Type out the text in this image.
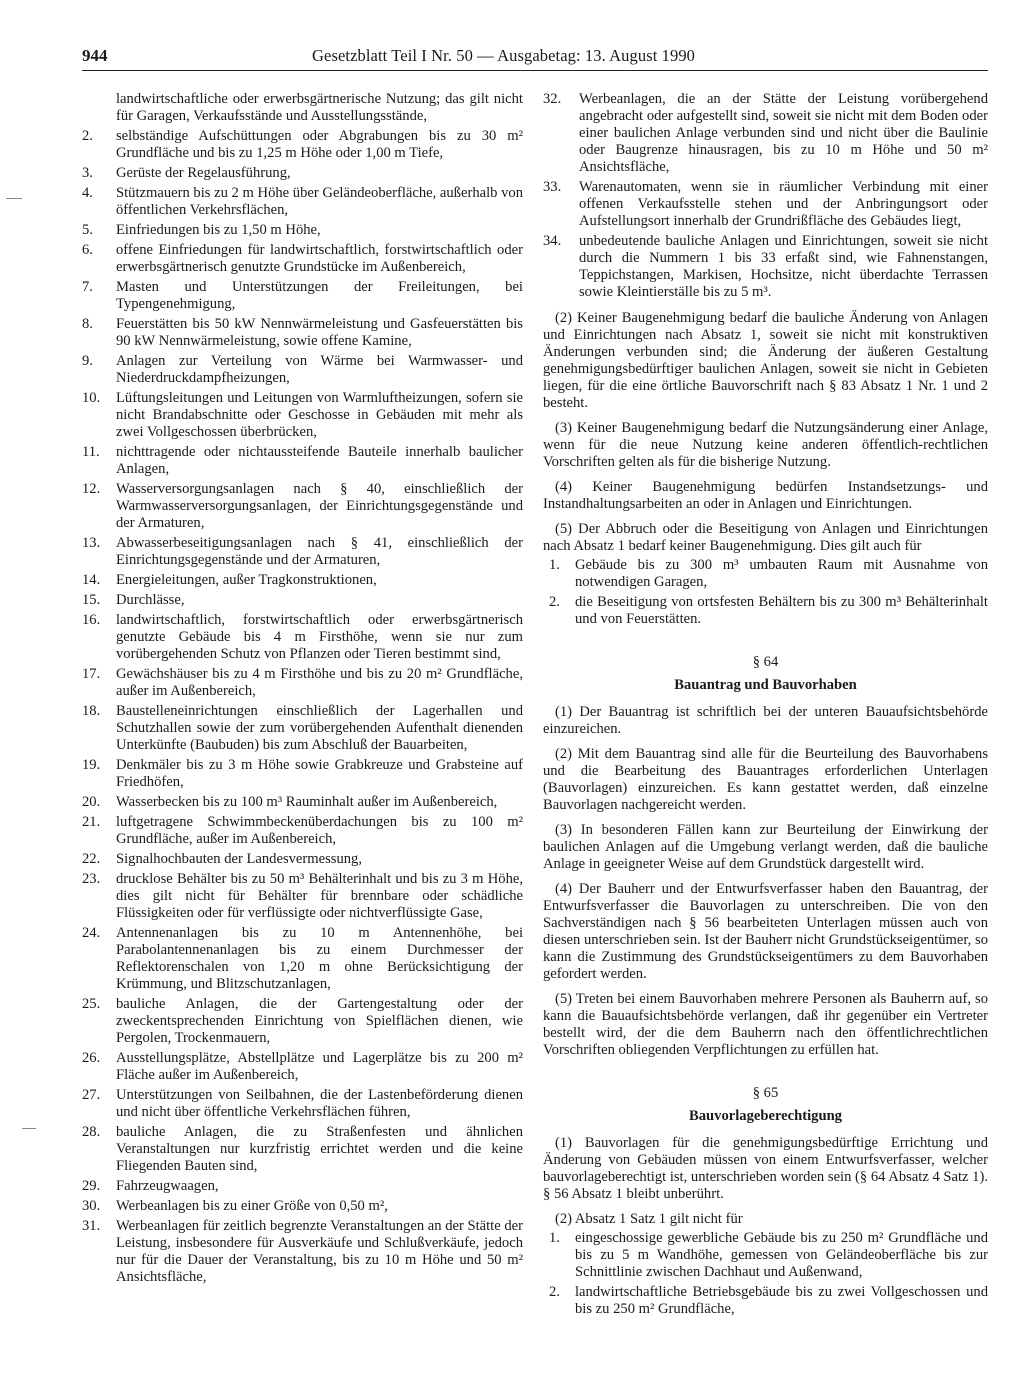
944	Gesetzblatt Teil I Nr. 50 — Ausgabetag: 13. August 1990
landwirtschaftliche oder erwerbsgärtnerische Nutzung; das gilt nicht für Garagen, Verkaufsstände und Ausstellungsstände,
2.	selbständige Aufschüttungen oder Abgrabungen bis zu 30 m² Grundfläche und bis zu 1,25 m Höhe oder 1,00 m Tiefe,
3.	Gerüste der Regelausführung,
4.	Stützmauern bis zu 2 m Höhe über Geländeoberfläche, außerhalb von öffentlichen Verkehrsflächen,
5.	Einfriedungen bis zu 1,50 m Höhe,
6.	offene Einfriedungen für landwirtschaftlich, forstwirtschaftlich oder erwerbsgärtnerisch genutzte Grundstücke im Außenbereich,
7.	Masten und Unterstützungen der Freileitungen, bei Typengenehmigung,
8.	Feuerstätten bis 50 kW Nennwärmeleistung und Gasfeuerstätten bis 90 kW Nennwärmeleistung, sowie offene Kamine,
9.	Anlagen zur Verteilung von Wärme bei Warmwasser- und Niederdruckdampfheizungen,
10.	Lüftungsleitungen und Leitungen von Warmluftheizungen, sofern sie nicht Brandabschnitte oder Geschosse in Gebäuden mit mehr als zwei Vollgeschossen überbrücken,
11.	nichttragende oder nichtaussteifende Bauteile innerhalb baulicher Anlagen,
12.	Wasserversorgungsanlagen nach § 40, einschließlich der Warmwasserversorgungsanlagen, der Einrichtungsgegenstände und der Armaturen,
13.	Abwasserbeseitigungsanlagen nach § 41, einschließlich der Einrichtungsgegenstände und der Armaturen,
14.	Energieleitungen, außer Tragkonstruktionen,
15.	Durchlässe,
16.	landwirtschaftlich, forstwirtschaftlich oder erwerbsgärtnerisch genutzte Gebäude bis 4 m Firsthöhe, wenn sie nur zum vorübergehenden Schutz von Pflanzen oder Tieren bestimmt sind,
17.	Gewächshäuser bis zu 4 m Firsthöhe und bis zu 20 m² Grundfläche, außer im Außenbereich,
18.	Baustelleneinrichtungen einschließlich der Lagerhallen und Schutzhallen sowie der zum vorübergehenden Aufenthalt dienenden Unterkünfte (Baubuden) bis zum Abschluß der Bauarbeiten,
19.	Denkmäler bis zu 3 m Höhe sowie Grabkreuze und Grabsteine auf Friedhöfen,
20.	Wasserbecken bis zu 100 m³ Rauminhalt außer im Außenbereich,
21.	luftgetragene Schwimmbeckenüberdachungen bis zu 100 m² Grundfläche, außer im Außenbereich,
22.	Signalhochbauten der Landesvermessung,
23.	drucklose Behälter bis zu 50 m³ Behälterinhalt und bis zu 3 m Höhe, dies gilt nicht für Behälter für brennbare oder schädliche Flüssigkeiten oder für verflüssigte oder nichtverflüssigte Gase,
24.	Antennenanlagen bis zu 10 m Antennenhöhe, bei Parabolantennenanlagen bis zu einem Durchmesser der Reflektorenschalen von 1,20 m ohne Berücksichtigung der Krümmung, und Blitzschutzanlagen,
25.	bauliche Anlagen, die der Gartengestaltung oder der zweckentsprechenden Einrichtung von Spielflächen dienen, wie Pergolen, Trockenmauern,
26.	Ausstellungsplätze, Abstellplätze und Lagerplätze bis zu 200 m² Fläche außer im Außenbereich,
27.	Unterstützungen von Seilbahnen, die der Lastenbeförderung dienen und nicht über öffentliche Verkehrsflächen führen,
28.	bauliche Anlagen, die zu Straßenfesten und ähnlichen Veranstaltungen nur kurzfristig errichtet werden und die keine Fliegenden Bauten sind,
29.	Fahrzeugwaagen,
30.	Werbeanlagen bis zu einer Größe von 0,50 m²,
31.	Werbeanlagen für zeitlich begrenzte Veranstaltungen an der Stätte der Leistung, insbesondere für Ausverkäufe und Schlußverkäufe, jedoch nur für die Dauer der Veranstaltung, bis zu 10 m Höhe und 50 m² Ansichtsfläche,
32.	Werbeanlagen, die an der Stätte der Leistung vorübergehend angebracht oder aufgestellt sind, soweit sie nicht mit dem Boden oder einer baulichen Anlage verbunden sind und nicht über die Baulinie oder Baugrenze hinausragen, bis zu 10 m Höhe und 50 m² Ansichtsfläche,
33.	Warenautomaten, wenn sie in räumlicher Verbindung mit einer offenen Verkaufsstelle stehen und der Anbringungsort oder Aufstellungsort innerhalb der Grundrißfläche des Gebäudes liegt,
34.	unbedeutende bauliche Anlagen und Einrichtungen, soweit sie nicht durch die Nummern 1 bis 33 erfaßt sind, wie Fahnenstangen, Teppichstangen, Markisen, Hochsitze, nicht überdachte Terrassen sowie Kleintierställe bis zu 5 m³.
(2) Keiner Baugenehmigung bedarf die bauliche Änderung von Anlagen und Einrichtungen nach Absatz 1, soweit sie nicht mit konstruktiven Änderungen verbunden sind; die Änderung der äußeren Gestaltung genehmigungsbedürftiger baulichen Anlagen, soweit sie nicht in Gebieten liegen, für die eine örtliche Bauvorschrift nach § 83 Absatz 1 Nr. 1 und 2 besteht.
(3) Keiner Baugenehmigung bedarf die Nutzungsänderung einer Anlage, wenn für die neue Nutzung keine anderen öffentlich-rechtlichen Vorschriften gelten als für die bisherige Nutzung.
(4) Keiner Baugenehmigung bedürfen Instandsetzungs- und Instandhaltungsarbeiten an oder in Anlagen und Einrichtungen.
(5) Der Abbruch oder die Beseitigung von Anlagen und Einrichtungen nach Absatz 1 bedarf keiner Baugenehmigung. Dies gilt auch für
1.	Gebäude bis zu 300 m³ umbauten Raum mit Ausnahme von notwendigen Garagen,
2.	die Beseitigung von ortsfesten Behältern bis zu 300 m³ Behälterinhalt und von Feuerstätten.
§ 64
Bauantrag und Bauvorhaben
(1) Der Bauantrag ist schriftlich bei der unteren Bauaufsichtsbehörde einzureichen.
(2) Mit dem Bauantrag sind alle für die Beurteilung des Bauvorhabens und die Bearbeitung des Bauantrages erforderlichen Unterlagen (Bauvorlagen) einzureichen. Es kann gestattet werden, daß einzelne Bauvorlagen nachgereicht werden.
(3) In besonderen Fällen kann zur Beurteilung der Einwirkung der baulichen Anlagen auf die Umgebung verlangt werden, daß die bauliche Anlage in geeigneter Weise auf dem Grundstück dargestellt wird.
(4) Der Bauherr und der Entwurfsverfasser haben den Bauantrag, der Entwurfsverfasser die Bauvorlagen zu unterschreiben. Die von den Sachverständigen nach § 56 bearbeiteten Unterlagen müssen auch von diesen unterschrieben sein. Ist der Bauherr nicht Grundstückseigentümer, so kann die Zustimmung des Grundstückseigentümers zu dem Bauvorhaben gefordert werden.
(5) Treten bei einem Bauvorhaben mehrere Personen als Bauherrn auf, so kann die Bauaufsichtsbehörde verlangen, daß ihr gegenüber ein Vertreter bestellt wird, der die dem Bauherrn nach den öffentlichrechtlichen Vorschriften obliegenden Verpflichtungen zu erfüllen hat.
§ 65
Bauvorlageberechtigung
(1) Bauvorlagen für die genehmigungsbedürftige Errichtung und Änderung von Gebäuden müssen von einem Entwurfsverfasser, welcher bauvorlageberechtigt ist, unterschrieben worden sein (§ 64 Absatz 4 Satz 1). § 56 Absatz 1 bleibt unberührt.
(2) Absatz 1 Satz 1 gilt nicht für
1.	eingeschossige gewerbliche Gebäude bis zu 250 m² Grundfläche und bis zu 5 m Wandhöhe, gemessen von Geländeoberfläche bis zur Schnittlinie zwischen Dachhaut und Außenwand,
2.	landwirtschaftliche Betriebsgebäude bis zu zwei Vollgeschossen und bis zu 250 m² Grundfläche,
